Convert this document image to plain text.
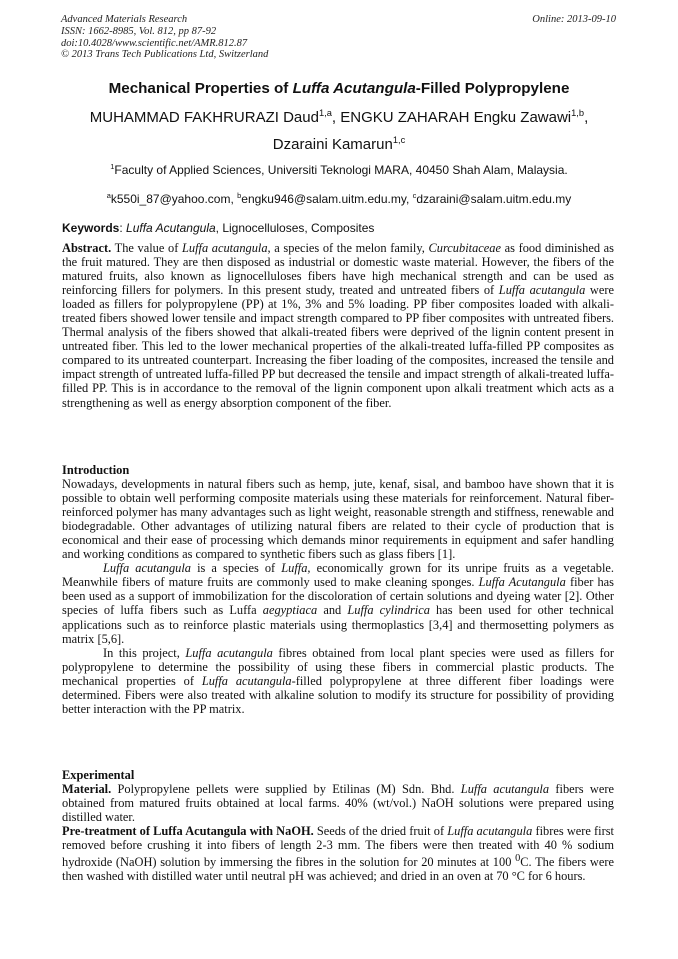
Advanced Materials Research
ISSN: 1662-8985, Vol. 812, pp 87-92
doi:10.4028/www.scientific.net/AMR.812.87
© 2013 Trans Tech Publications Ltd, Switzerland
Online: 2013-09-10
Mechanical Properties of Luffa Acutangula-Filled Polypropylene
MUHAMMAD FAKHRURAZI Daud$^{1,a}$, ENGKU ZAHARAH Engku Zawawi$^{1,b}$,
Dzaraini Kamarun$^{1,c}$
$^1$Faculty of Applied Sciences, Universiti Teknologi MARA, 40450 Shah Alam, Malaysia.
$^a$k550i_87@yahoo.com, $^b$engku946@salam.uitm.edu.my, $^c$dzaraini@salam.uitm.edu.my
Keywords: Luffa Acutangula, Lignocelluloses, Composites

Abstract. The value of Luffa acutangula, a species of the melon family, Curcubitaceae as food diminished as the fruit matured. They are then disposed as industrial or domestic waste material. However, the fibers of the matured fruits, also known as lignocelluloses fibers have high mechanical strength and can be used as reinforcing fillers for polymers. In this present study, treated and untreated fibers of Luffa acutangula were loaded as fillers for polypropylene (PP) at 1%, 3% and 5% loading. PP fiber composites loaded with alkali-treated fibers showed lower tensile and impact strength compared to PP fiber composites with untreated fibers. Thermal analysis of the fibers showed that alkali-treated fibers were deprived of the lignin content present in untreated fiber. This led to the lower mechanical properties of the alkali-treated luffa-filled PP composites as compared to its untreated counterpart. Increasing the fiber loading of the composites, increased the tensile and impact strength of untreated luffa-filled PP but decreased the tensile and impact strength of alkali-treated luffa-filled PP. This is in accordance to the removal of the lignin component upon alkali treatment which acts as a strengthening as well as energy absorption component of the fiber.

Introduction

Nowadays, developments in natural fibers such as hemp, jute, kenaf, sisal, and bamboo have shown that it is possible to obtain well performing composite materials using these materials for reinforcement. Natural fiber-reinforced polymer has many advantages such as light weight, reasonable strength and stiffness, renewable and biodegradable. Other advantages of utilizing natural fibers are related to their cycle of production that is economical and their ease of processing which demands minor requirements in equipment and safer handling and working conditions as compared to synthetic fibers such as glass fibers [1].

Luffa acutangula is a species of Luffa, economically grown for its unripe fruits as a vegetable. Meanwhile fibers of mature fruits are commonly used to make cleaning sponges. Luffa Acutangula fiber has been used as a support of immobilization for the discoloration of certain solutions and dyeing water [2]. Other species of luffa fibers such as Luffa aegyptiaca and Luffa cylindrica has been used for other technical applications such as to reinforce plastic materials using thermoplastics [3,4] and thermosetting polymers as matrix [5,6].

In this project, Luffa acutangula fibres obtained from local plant species were used as fillers for polypropylene to determine the possibility of using these fibers in commercial plastic products. The mechanical properties of Luffa acutangula-filled polypropylene at three different fiber loadings were determined. Fibers were also treated with alkaline solution to modify its structure for possibility of providing better interaction with the PP matrix.

Experimental

Material. Polypropylene pellets were supplied by Etilinas (M) Sdn. Bhd. Luffa acutangula fibers were obtained from matured fruits obtained at local farms. 40% (wt/vol.) NaOH solutions were prepared using distilled water.

Pre-treatment of Luffa Acutangula with NaOH. Seeds of the dried fruit of Luffa acutangula fibres were first removed before crushing it into fibers of length 2-3 mm. The fibers were then treated with 40 % sodium hydroxide (NaOH) solution by immersing the fibres in the solution for 20 minutes at 100 $^0$C. The fibers were then washed with distilled water until neutral pH was achieved; and dried in an oven at 70 °C for 6 hours.
